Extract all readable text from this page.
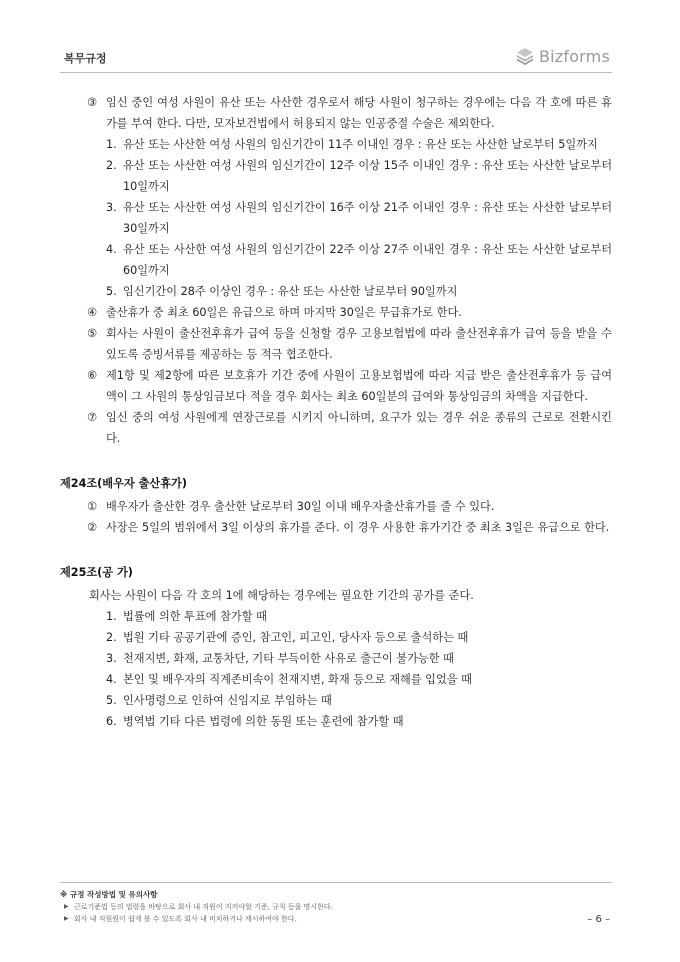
복무규정	Bizforms
③ 임신 중인 여성 사원이 유산 또는 사산한 경우로서 해당 사원이 청구하는 경우에는 다음 각 호에 따른 휴가를 부여 한다. 다만, 모자보건법에서 허용되지 않는 인공중절 수술은 제외한다.
1. 유산 또는 사산한 여성 사원의 임신기간이 11주 이내인 경우 : 유산 또는 사산한 날로부터 5일까지
2. 유산 또는 사산한 여성 사원의 임신기간이 12주 이상 15주 이내인 경우 : 유산 또는 사산한 날로부터 10일까지
3. 유산 또는 사산한 여성 사원의 임신기간이 16주 이상 21주 이내인 경우 : 유산 또는 사산한 날로부터 30일까지
4. 유산 또는 사산한 여성 사원의 임신기간이 22주 이상 27주 이내인 경우 : 유산 또는 사산한 날로부터 60일까지
5. 임신기간이 28주 이상인 경우 : 유산 또는 사산한 날로부터 90일까지
④ 출산휴가 중 최초 60일은 유급으로 하며 마지막 30일은 무급휴가로 한다.
⑤ 회사는 사원이 출산전후휴가 급여 등을 신청할 경우 고용보험법에 따라 출산전후휴가 급여 등을 받을 수 있도록 증빙서류를 제공하는 등 적극 협조한다.
⑥ 제1항 및 제2항에 따른 보호휴가 기간 중에 사원이 고용보험법에 따라 지급 받은 출산전후휴가 등 급여액이 그 사원의 통상임금보다 적을 경우 회사는 최초 60일분의 급여와 통상임금의 차액을 지급한다.
⑦ 임신 중의 여성 사원에게 연장근로를 시키지 아니하며, 요구가 있는 경우 쉬운 종류의 근로로 전환시킨다.
제24조(배우자 출산휴가)
① 배우자가 출산한 경우 출산한 날로부터 30일 이내 배우자출산휴가를 줄 수 있다.
② 사장은 5일의 범위에서 3일 이상의 휴가를 준다. 이 경우 사용한 휴가기간 중 최초 3일은 유급으로 한다.
제25조(공 가)
회사는 사원이 다음 각 호의 1에 해당하는 경우에는 필요한 기간의 공가를 준다.
1. 법률에 의한 투표에 참가할 때
2. 법원 기타 공공기관에 증인, 참고인, 피고인, 당사자 등으로 출석하는 때
3. 천재지변, 화재, 교통차단, 기타 부득이한 사유로 출근이 불가능한 때
4. 본인 및 배우자의 직계존비속이 천재지변, 화재 등으로 재해를 입었을 때
5. 인사명령으로 인하여 신임지로 부임하는 때
6. 병역법 기타 다른 법령에 의한 동원 또는 훈련에 참가할 때
※ 규정 작성방법 및 유의사항
▶ 근로기준법 등의 법령을 바탕으로 회사 내 직원이 지켜야할 기준, 규칙 등을 명시한다.
▶ 회사 내 직원원이 쉽게 볼 수 있도록 회사 내 비치하거나 게시하여야 한다.	– 6 –
